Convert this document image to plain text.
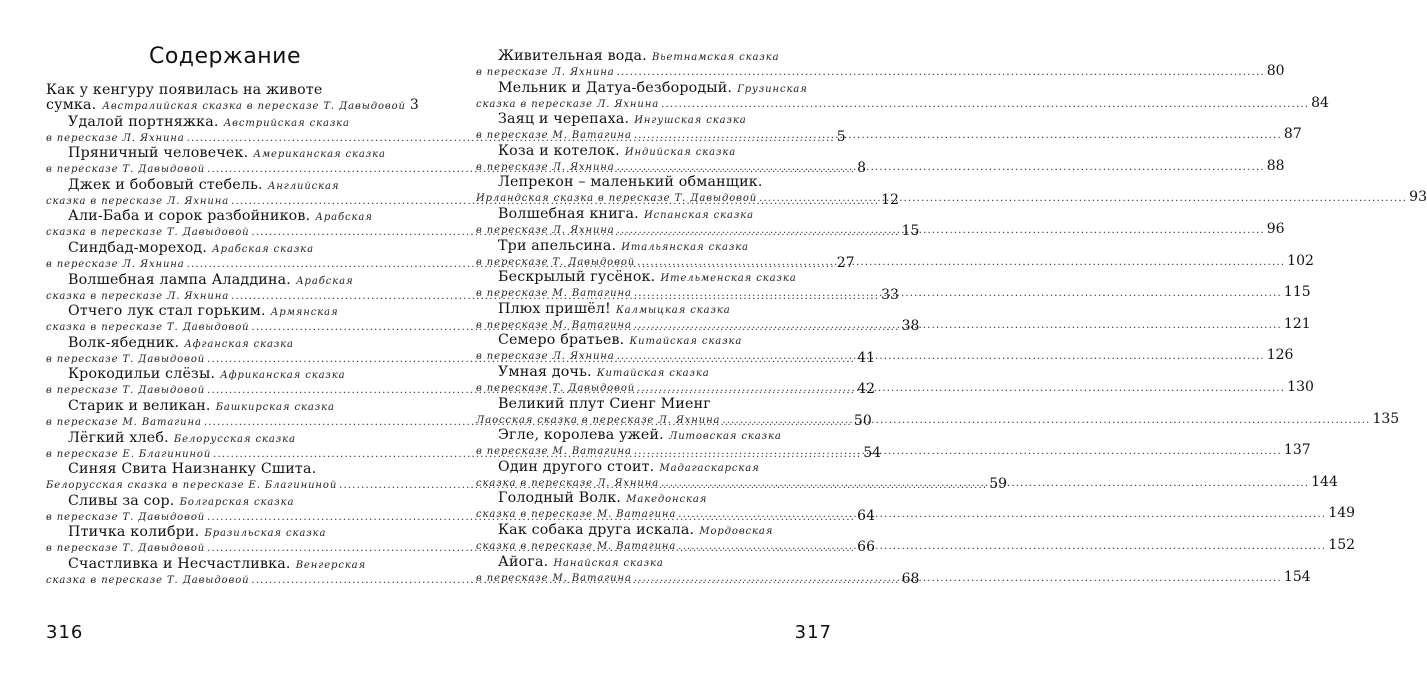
Содержание
Как у кенгуру появилась на животе
сумка. Австралийская сказка в пересказе Т. Давыдовой 3
Удалой портняжка. Австрийская сказка
в пересказе Л. Яхнина .....	5
Пряничный человечек. Американская сказка
в пересказе Т. Давыдовой .....	8
Джек и бобовый стебель. Английская
сказка в пересказе Л. Яхнина .....	12
Али-Баба и сорок разбойников. Арабская
сказка в пересказе Т. Давыдовой .....	15
Синдбад-мореход. Арабская сказка
в пересказе Л. Яхнина .....	27
Волшебная лампа Аладдина. Арабская
сказка в пересказе Л. Яхнина .....	33
Отчего лук стал горьким. Армянская
сказка в пересказе Т. Давыдовой .....	38
Волк-ябедник. Афганская сказка
в пересказе Т. Давыдовой .....	41
Крокодильи слёзы. Африканская сказка
в пересказе Т. Давыдовой .....	42
Старик и великан. Башкирская сказка
в пересказе М. Ватагина .....	50
Лёгкий хлеб. Белорусская сказка
в пересказе Е. Благининой .....	54
Синяя Свита Наизнанку Сшита.
Белорусская сказка в пересказе Е. Благининой .....	59
Сливы за сор. Болгарская сказка
в пересказе Т. Давыдовой .....	64
Птичка колибри. Бразильская сказка
в пересказе Т. Давыдовой .....	66
Счастливка и Несчастливка. Венгерская
сказка в пересказе Т. Давыдовой .....	68
316
Живительная вода. Вьетнамская сказка
в пересказе Л. Яхнина .....	80
Мельник и Датуа-безбородый. Грузинская
сказка в пересказе Л. Яхнина .....	84
Заяц и черепаха. Ингушская сказка
в пересказе М. Ватагина .....	87
Коза и котелок. Индийская сказка
в пересказе Л. Яхнина .....	88
Лепрекон – маленький обманщик.
Ирландская сказка в пересказе Т. Давыдовой .....	93
Волшебная книга. Испанская сказка
в пересказе Л. Яхнина .....	96
Три апельсина. Итальянская сказка
в пересказе Т. Давыдовой .....	102
Бескрылый гусёнок. Ительменская сказка
в пересказе М. Ватагина .....	115
Плюх пришёл! Калмыцкая сказка
в пересказе М. Ватагина .....	121
Семеро братьев. Китайская сказка
в пересказе Л. Яхнина .....	126
Умная дочь. Китайская сказка
в пересказе Т. Давыдовой .....	130
Великий плут Сиенг Миенг
Лаосская сказка в пересказе Л. Яхнина .....	135
Эгле, королева ужей. Литовская сказка
в пересказе М. Ватагина .....	137
Один другого стоит. Мадагаскарская
сказка в пересказе Л. Яхнина .....	144
Голодный Волк. Македонская
сказка в пересказе М. Ватагина .....	149
Как собака друга искала. Мордовская
сказка в пересказе М. Ватагина .....	152
Айога. Нанайская сказка
в пересказе М. Ватагина .....	154
317
